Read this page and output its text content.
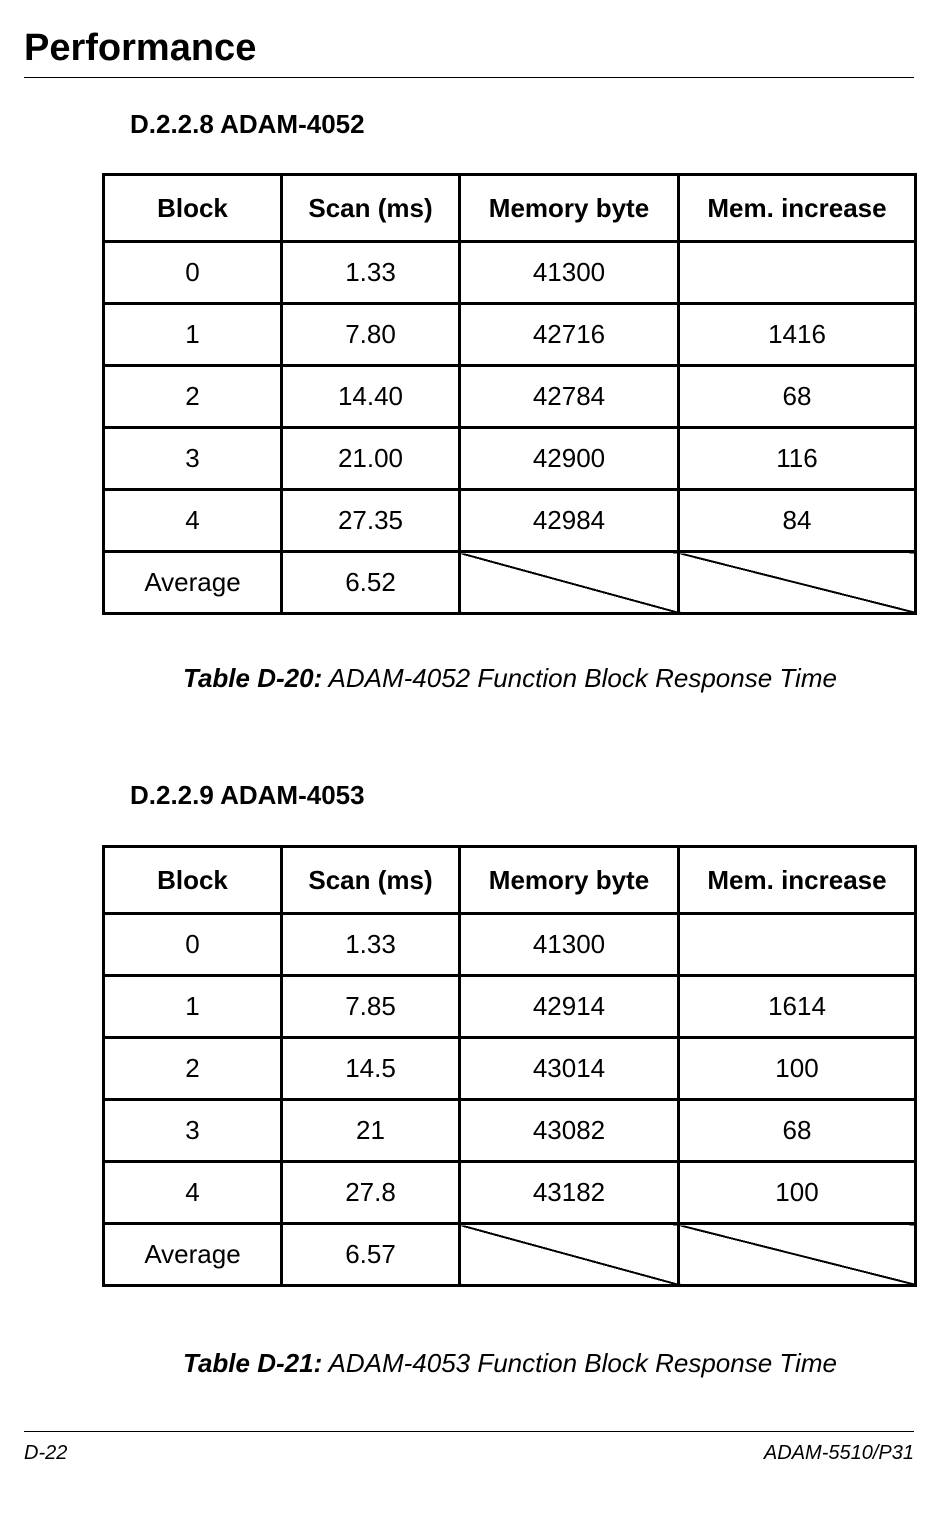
Performance
D.2.2.8 ADAM-4052
Block	Scan (ms)	Memory byte	Mem. increase
0	1.33	41300	
1	7.80	42716	1416
2	14.40	42784	68
3	21.00	42900	116
4	27.35	42984	84
Average	6.52		

Table D-20: ADAM-4052 Function Block Response Time

D.2.2.9 ADAM-4053
Block	Scan (ms)	Memory byte	Mem. increase
0	1.33	41300	
1	7.85	42914	1614
2	14.5	43014	100
3	21	43082	68
4	27.8	43182	100
Average	6.57		

Table D-21: ADAM-4053 Function Block Response Time

D-22	ADAM-5510/P31
